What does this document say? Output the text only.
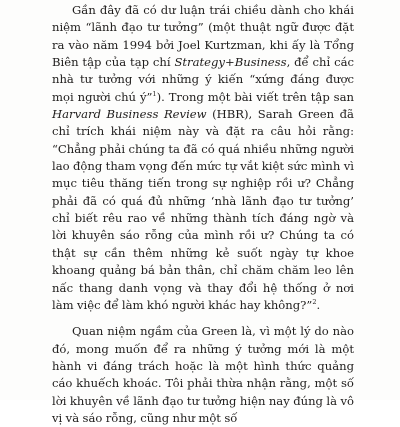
Gần đây đã có dư luận trái chiều dành cho khái niệm “lãnh đạo tư tưởng” (một thuật ngữ được đặt ra vào năm 1994 bởi Joel Kurtzman, khi ấy là Tổng Biên tập của tạp chí Strategy+Business, để chỉ các nhà tư tưởng với những ý kiến “xứng đáng được mọi người chú ý”$^1$). Trong một bài viết trên tập san Harvard Business Review (HBR), Sarah Green đã chỉ trích khái niệm này và đặt ra câu hỏi rằng: “Chẳng phải chúng ta đã có quá nhiều những người lao động tham vọng đến mức tự vắt kiệt sức mình vì mục tiêu thăng tiến trong sự nghiệp rồi ư? Chẳng phải đã có quá đủ những ‘nhà lãnh đạo tư tưởng’ chỉ biết rêu rao về những thành tích đáng ngờ và lời khuyên sáo rỗng của mình rồi ư? Chúng ta có thật sự cần thêm những kẻ suốt ngày tự khoe khoang quảng bá bản thân, chỉ chăm chăm leo lên nấc thang danh vọng và thay đổi hệ thống ở nơi làm việc để làm khó người khác hay không?”$^2$.

Quan niệm ngầm của Green là, vì một lý do nào đó, mong muốn để ra những ý tưởng mới là một hành vi đáng trách hoặc là một hình thức quảng cáo khuếch khoác. Tôi phải thừa nhận rằng, một số lời khuyên về lãnh đạo tư tưởng hiện nay đúng là vô vị và sáo rỗng, cũng như một số
